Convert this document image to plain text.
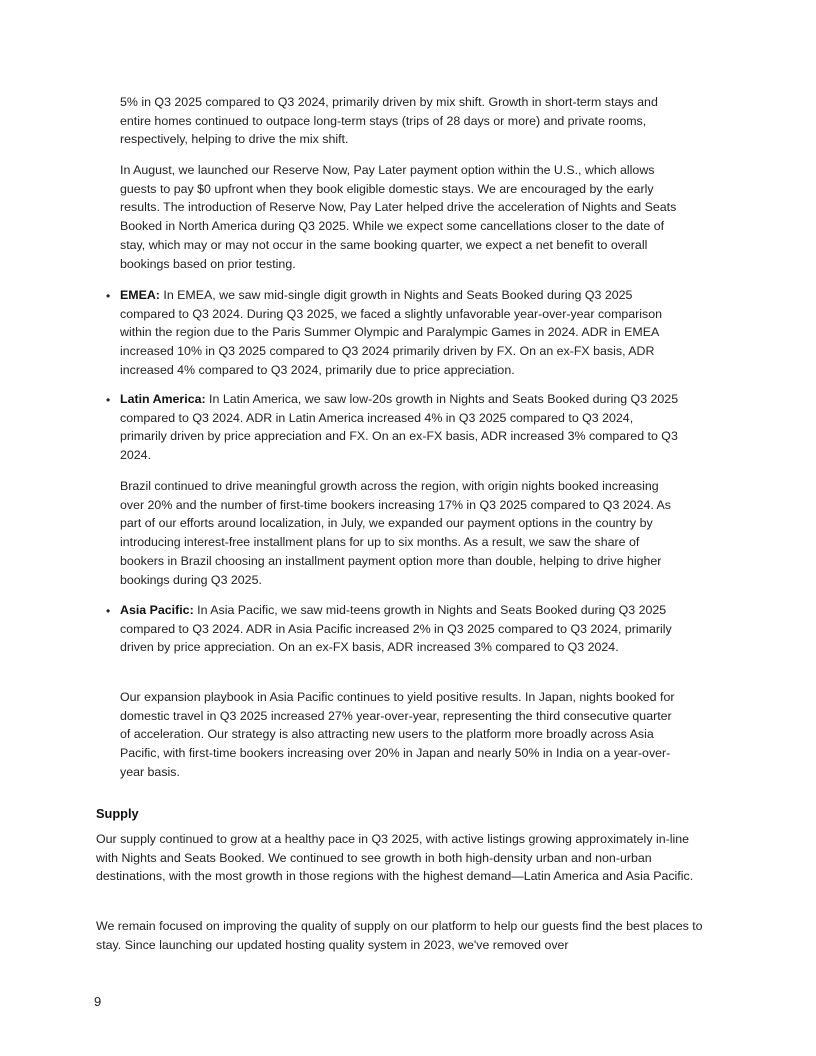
5% in Q3 2025 compared to Q3 2024, primarily driven by mix shift. Growth in short-term stays and entire homes continued to outpace long-term stays (trips of 28 days or more) and private rooms, respectively, helping to drive the mix shift.

In August, we launched our Reserve Now, Pay Later payment option within the U.S., which allows guests to pay $0 upfront when they book eligible domestic stays. We are encouraged by the early results. The introduction of Reserve Now, Pay Later helped drive the acceleration of Nights and Seats Booked in North America during Q3 2025. While we expect some cancellations closer to the date of stay, which may or may not occur in the same booking quarter, we expect a net benefit to overall bookings based on prior testing.

• EMEA: In EMEA, we saw mid-single digit growth in Nights and Seats Booked during Q3 2025 compared to Q3 2024. During Q3 2025, we faced a slightly unfavorable year-over-year comparison within the region due to the Paris Summer Olympic and Paralympic Games in 2024. ADR in EMEA increased 10% in Q3 2025 compared to Q3 2024 primarily driven by FX. On an ex-FX basis, ADR increased 4% compared to Q3 2024, primarily due to price appreciation.

• Latin America: In Latin America, we saw low-20s growth in Nights and Seats Booked during Q3 2025 compared to Q3 2024. ADR in Latin America increased 4% in Q3 2025 compared to Q3 2024, primarily driven by price appreciation and FX. On an ex-FX basis, ADR increased 3% compared to Q3 2024.

Brazil continued to drive meaningful growth across the region, with origin nights booked increasing over 20% and the number of first-time bookers increasing 17% in Q3 2025 compared to Q3 2024. As part of our efforts around localization, in July, we expanded our payment options in the country by introducing interest-free installment plans for up to six months. As a result, we saw the share of bookers in Brazil choosing an installment payment option more than double, helping to drive higher bookings during Q3 2025.

• Asia Pacific: In Asia Pacific, we saw mid-teens growth in Nights and Seats Booked during Q3 2025 compared to Q3 2024. ADR in Asia Pacific increased 2% in Q3 2025 compared to Q3 2024, primarily driven by price appreciation. On an ex-FX basis, ADR increased 3% compared to Q3 2024.

Our expansion playbook in Asia Pacific continues to yield positive results. In Japan, nights booked for domestic travel in Q3 2025 increased 27% year-over-year, representing the third consecutive quarter of acceleration. Our strategy is also attracting new users to the platform more broadly across Asia Pacific, with first-time bookers increasing over 20% in Japan and nearly 50% in India on a year-over-year basis.

Supply

Our supply continued to grow at a healthy pace in Q3 2025, with active listings growing approximately in-line with Nights and Seats Booked. We continued to see growth in both high-density urban and non-urban destinations, with the most growth in those regions with the highest demand—Latin America and Asia Pacific.

We remain focused on improving the quality of supply on our platform to help our guests find the best places to stay. Since launching our updated hosting quality system in 2023, we've removed over

9
